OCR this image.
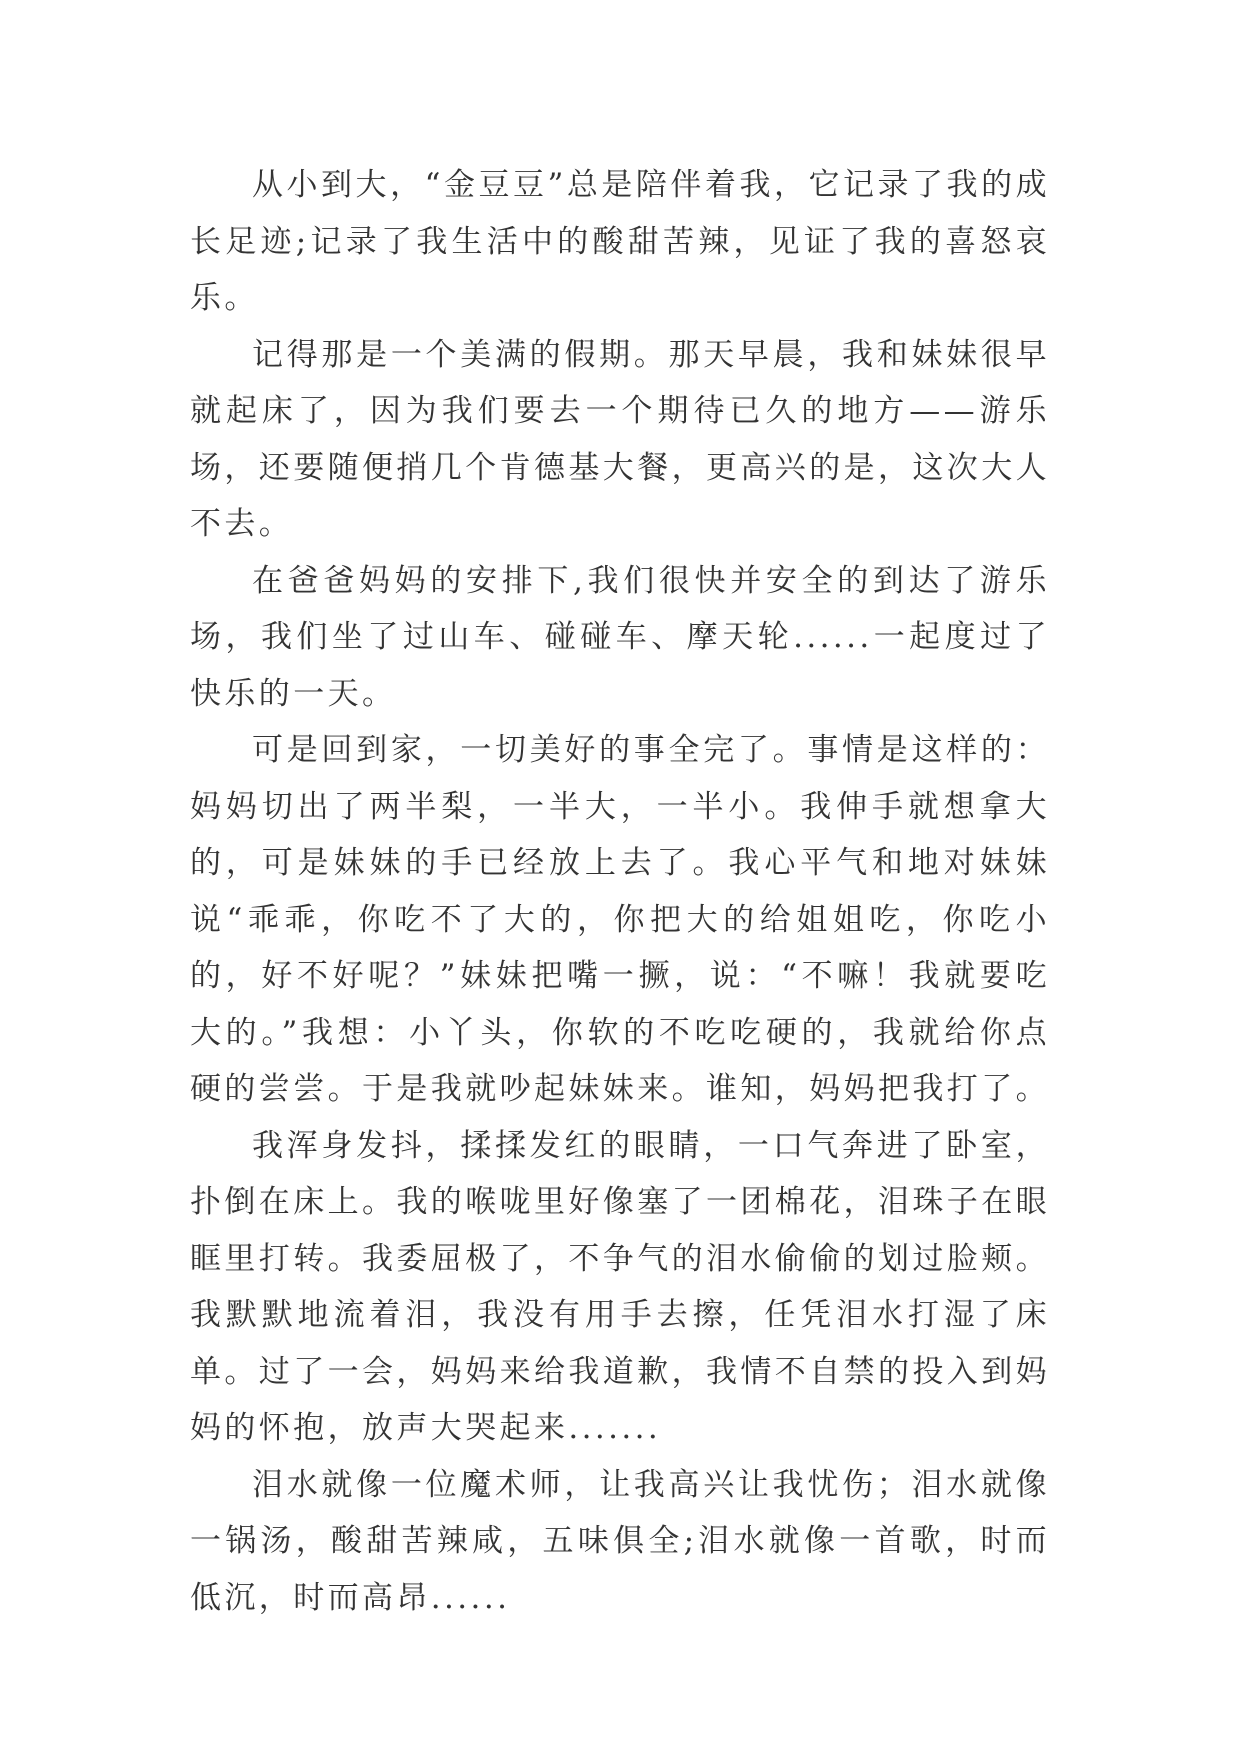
从小到大，“金豆豆”总是陪伴着我，它记录了我的成长足迹;记录了我生活中的酸甜苦辣，见证了我的喜怒哀乐。

记得那是一个美满的假期。那天早晨，我和妹妹很早就起床了，因为我们要去一个期待已久的地方——游乐场，还要随便捎几个肯德基大餐，更高兴的是，这次大人不去。

在爸爸妈妈的安排下,我们很快并安全的到达了游乐场，我们坐了过山车、碰碰车、摩天轮......一起度过了快乐的一天。

可是回到家，一切美好的事全完了。事情是这样的：妈妈切出了两半梨，一半大，一半小。我伸手就想拿大的，可是妹妹的手已经放上去了。我心平气和地对妹妹说“乖乖，你吃不了大的，你把大的给姐姐吃，你吃小的，好不好呢？”妹妹把嘴一撅，说：“不嘛！我就要吃大的。”我想：小丫头，你软的不吃吃硬的，我就给你点硬的尝尝。于是我就吵起妹妹来。谁知，妈妈把我打了。

我浑身发抖，揉揉发红的眼睛，一口气奔进了卧室，扑倒在床上。我的喉咙里好像塞了一团棉花，泪珠子在眼眶里打转。我委屈极了，不争气的泪水偷偷的划过脸颊。我默默地流着泪，我没有用手去擦，任凭泪水打湿了床单。过了一会，妈妈来给我道歉，我情不自禁的投入到妈妈的怀抱，放声大哭起来.......

泪水就像一位魔术师，让我高兴让我忧伤；泪水就像一锅汤，酸甜苦辣咸，五味俱全;泪水就像一首歌，时而低沉，时而高昂......
